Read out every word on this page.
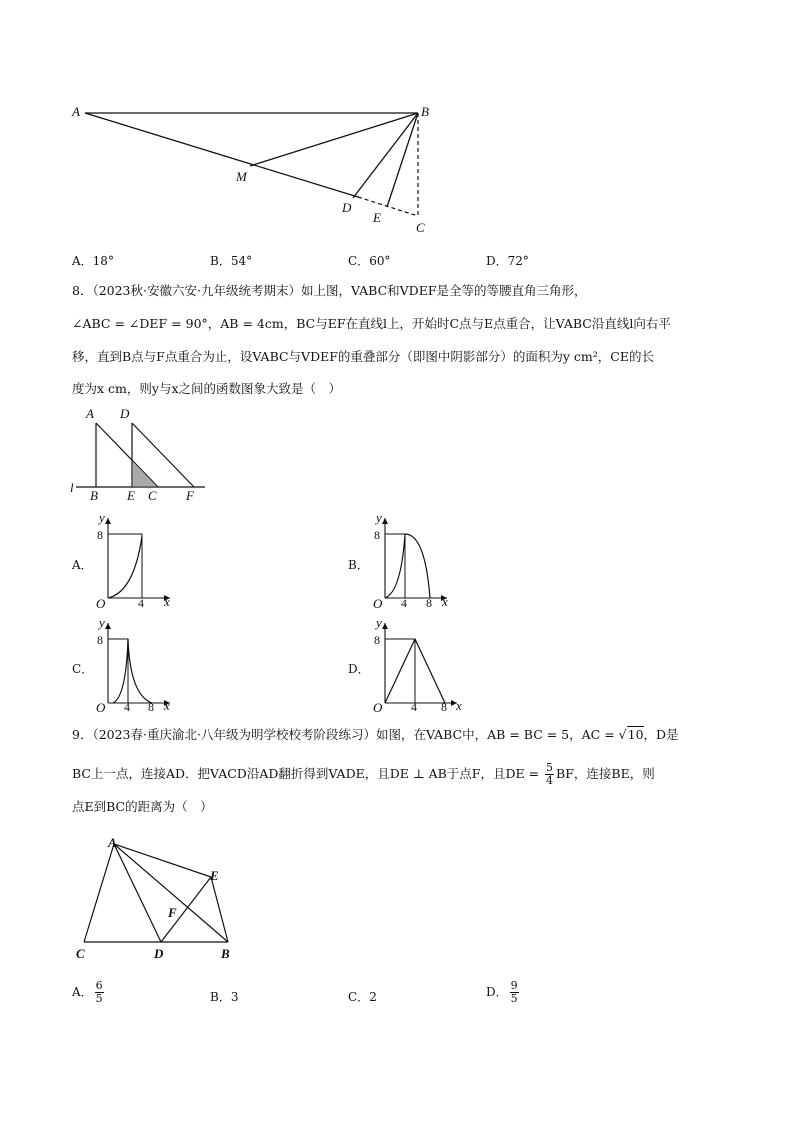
A	B
M
D
E
C
A．18°	B．54°	C．60°	D．72°
8．（2023秋·安徽六安·九年级统考期末）如上图，VABC和VDEF是全等的等腰直角三角形，
∠ABC = ∠DEF = 90°，AB = 4cm，BC与EF在直线l上，开始时C点与E点重合，让VABC沿直线l向右平
移，直到B点与F点重合为止，设VABC与VDEF的重叠部分（即图中阴影部分）的面积为y cm²，CE的长
度为x cm，则y与x之间的函数图象大致是（　）
A D
l
B E C F
A．
y
8
O	4 x
B．
y
8
O 4 8 x
C．
y
8
O 4 8 x
D．
y
8
O 4 8 x
9．（2023春·重庆渝北·八年级为明学校校考阶段练习）如图，在VABC中，AB = BC = 5，AC = √10，D是
BC上一点，连接AD．把VACD沿AD翻折得到VADE，且DE ⊥ AB于点F，且DE = $\frac{5}{4}$ BF，连接BE，则
点E到BC的距离为（　）
A
E
F
C	D	B
A． $\frac{6}{5}$	B．3	C．2	D． $\frac{9}{5}$
